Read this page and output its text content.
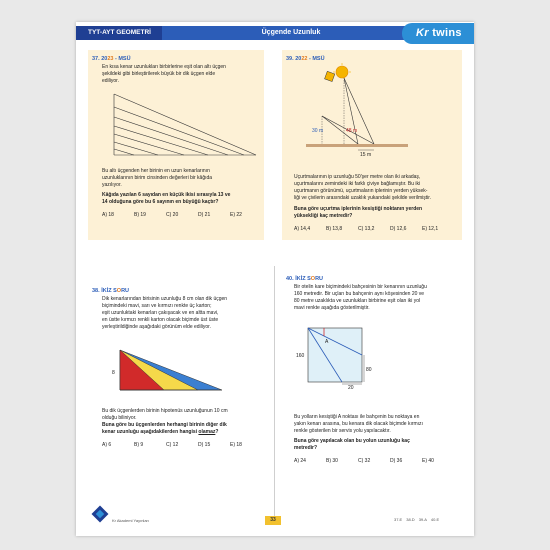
TYT-AYT GEOMETRİ	Üçgende Uzunluk	Kr twins
37. 2023 - MSÜ
En kısa kenar uzunlukları birbirlerine eşit olan altı üçgen
şekildeki gibi birleştirilerek büyük bir dik üçgen elde
ediliyor.
Bu altı üçgenden her birinin en uzun kenarlarının
uzunluklarının birim cinsinden değerleri bir kâğıda
yazılıyor.
Kâğıda yazılan 6 sayıdan en küçük ikisi sırasıyla 13 ve
14 olduğuna göre bu 6 sayının en büyüğü kaçtır?
A) 18	B) 19	C) 20	D) 21	E) 22
39. 2022 - MSÜ
30 m	48 m
15 m
Uçurtmalarının ip uzunluğu 50'şer metre olan iki arkadaş,
uçurtmalarını zemindeki iki farklı çiviye bağlamıştır. Bu iki
uçurtmanın görünümü, uçurtmaların iplerinin yerden yüksek-
liği ve çivilerin arasındaki uzaklık yukarıdaki şekilde verilmiştir.
Buna göre uçurtma iplerinin kesiştiği noktanın yerden
yüksekliği kaç metredir?
A) 14,4	B) 13,8	C) 13,2	D) 12,6	E) 12,1
38. İKİZ SORU
Dik kenarlarından birisinin uzunluğu 8 cm olan dik üçgen
biçimindeki mavi, sarı ve kırmızı renkte üç karton;
eşit uzunluktaki kenarları çakışacak ve en altta mavi,
en üstte kırmızı renkli karton olacak biçimde üst üste
yerleştirildiğinde aşağıdaki görünüm elde ediliyor.
8
Bu dik üçgenlerden birinin hipotenüs uzunluğunun 10 cm
olduğu biliniyor.
Buna göre bu üçgenlerden herhangi birinin diğer dik
kenar uzunluğu aşağıdakilerden hangisi olamaz?
A) 6	B) 9	C) 12	D) 15	E) 18
40. İKİZ SORU
Bir otelin kare biçimindeki bahçesinin bir kenarının uzunluğu
160 metredir. Bir uçları bu bahçenin aynı köşesinden 20 ve
80 metre uzaklıkta ve uzunlukları birbirine eşit olan iki yol
mavi renkte aşağıda gösterilmiştir.
A
160
80
20
Bu yolların kesiştiği A noktası ile bahçenin bu noktaya en
yakın kenarı arasına, bu kenara dik olacak biçimde kırmızı
renkle gösterilen bir servis yolu yapılacaktır.
Buna göre yapılacak olan bu yolun uzunluğu kaç
metredir?
A) 24	B) 30	C) 32	D) 36	E) 40
Kr Akademi Yayınları	33	37.E 38.D 39.A 40.E
